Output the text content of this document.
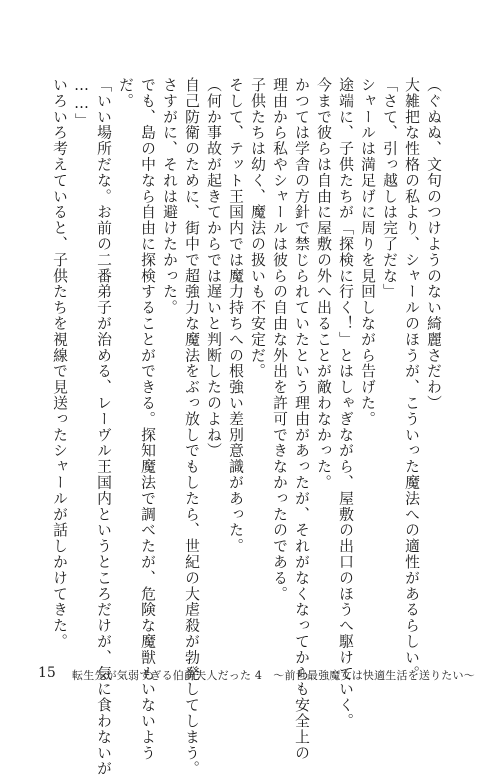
（ぐぬぬ、文句のつけようのない綺麗さだわ）
大雑把な性格の私より、シャールのほうが、こういった魔法への適性があるらしい。
「さて、引っ越しは完了だな」
シャールは満足げに周りを見回しながら告げた。
途端に、子供たちが「探検に行く！」とはしゃぎながら、屋敷の出口のほうへ駆けていく。
今まで彼らは自由に屋敷の外へ出ることが敵わなかった。
かつては学舎の方針で禁じられていたという理由があったが、それがなくなってからも安全上の
理由から私やシャールは彼らの自由な外出を許可できなかったのである。
子供たちは幼く、魔法の扱いも不安定だ。
そして、テット王国内では魔力持ちへの根強い差別意識があった。
（何か事故が起きてからでは遅いと判断したのよね）
自己防衛のために、街中で超強力な魔法をぶっ放しでもしたら、世紀の大虐殺が勃発してしまう。
さすがに、それは避けたかった。
でも、島の中なら自由に探検することができる。探知魔法で調べたが、危険な魔獣もいないよう
だ。
「いい場所だな。お前の二番弟子が治める、レーヴル王国内というところだけが、気に食わないが
……」
いろいろ考えていると、子供たちを視線で見送ったシャールが話しかけてきた。
15 転生先が気弱すぎる伯爵夫人だった 4　～前世最強魔女は快適生活を送りたい～
